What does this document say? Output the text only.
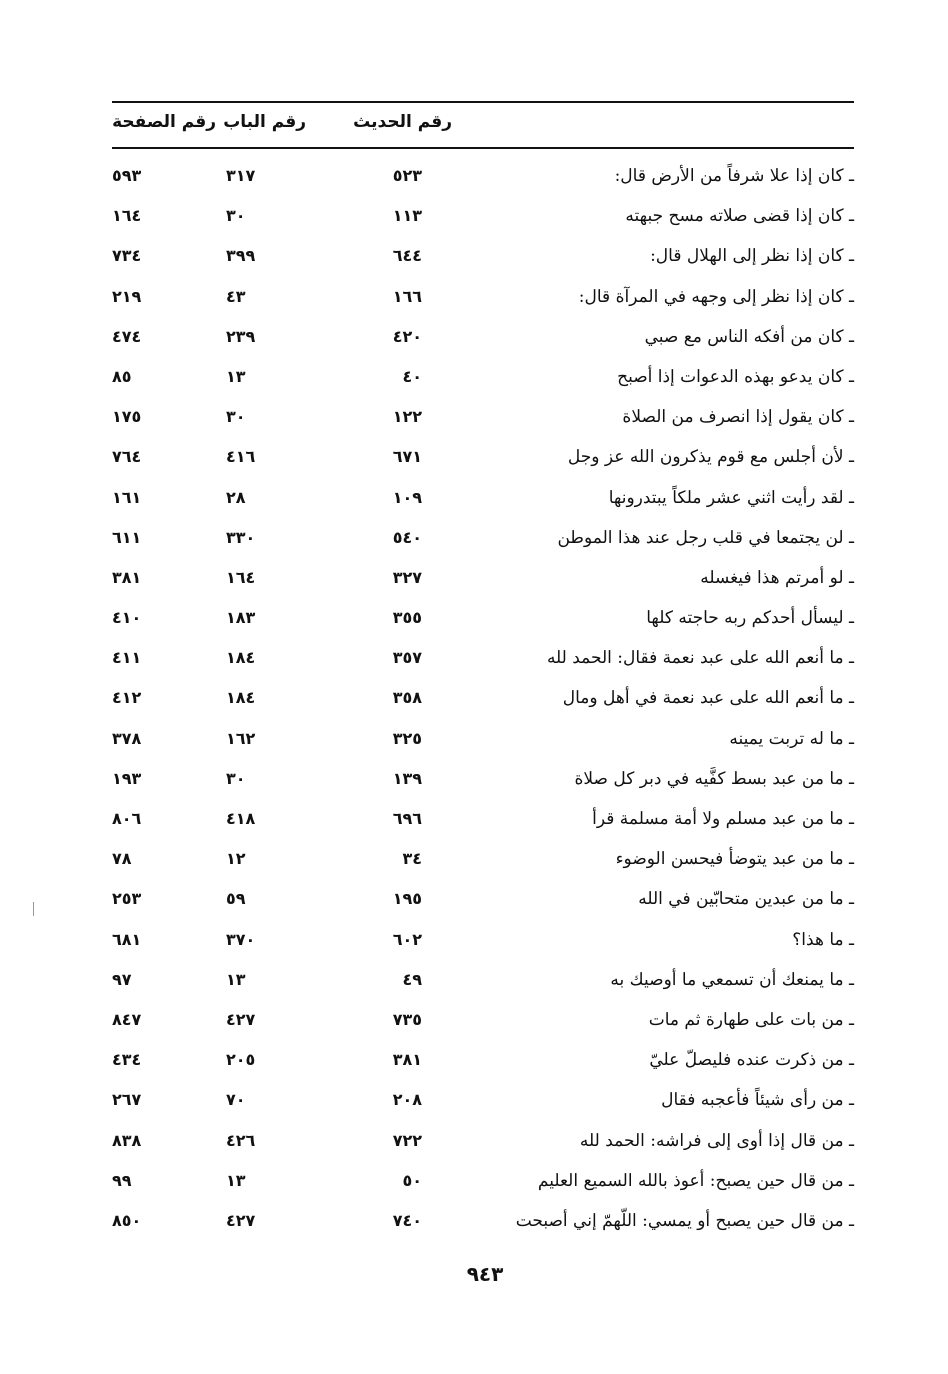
رقم الحديث
رقم الباب
رقم الصفحة
ـ كان إذا علا شرفاً من الأرض قال:
٥٢٣
٣١٧
٥٩٣
ـ كان إذا قضى صلاته مسح جبهته
١١٣
٣٠
١٦٤
ـ كان إذا نظر إلى الهلال قال:
٦٤٤
٣٩٩
٧٣٤
ـ كان إذا نظر إلى وجهه في المرآة قال:
١٦٦
٤٣
٢١٩
ـ كان من أفكه الناس مع صبي
٤٢٠
٢٣٩
٤٧٤
ـ كان يدعو بهذه الدعوات إذا أصبح
٤٠
١٣
٨٥
ـ كان يقول إذا انصرف من الصلاة
١٢٢
٣٠
١٧٥
ـ لأن أجلس مع قوم يذكرون الله عز وجل
٦٧١
٤١٦
٧٦٤
ـ لقد رأيت اثني عشر ملكاً يبتدرونها
١٠٩
٢٨
١٦١
ـ لن يجتمعا في قلب رجل عند هذا الموطن
٥٤٠
٣٣٠
٦١١
ـ لو أمرتم هذا فيغسله
٣٢٧
١٦٤
٣٨١
ـ ليسأل أحدكم ربه حاجته كلها
٣٥٥
١٨٣
٤١٠
ـ ما أنعم الله على عبد نعمة فقال: الحمد لله
٣٥٧
١٨٤
٤١١
ـ ما أنعم الله على عبد نعمة في أهل ومال
٣٥٨
١٨٤
٤١٢
ـ ما له تربت يمينه
٣٢٥
١٦٢
٣٧٨
ـ ما من عبد بسط كفَّيه في دبر كل صلاة
١٣٩
٣٠
١٩٣
ـ ما من عبد مسلم ولا أمة مسلمة قرأ
٦٩٦
٤١٨
٨٠٦
ـ ما من عبد يتوضأ فيحسن الوضوء
٣٤
١٢
٧٨
ـ ما من عبدين متحابّين في الله
١٩٥
٥٩
٢٥٣
ـ ما هذا؟
٦٠٢
٣٧٠
٦٨١
ـ ما يمنعك أن تسمعي ما أوصيك به
٤٩
١٣
٩٧
ـ من بات على طهارة ثم مات
٧٣٥
٤٢٧
٨٤٧
ـ من ذكرت عنده فليصلّ عليّ
٣٨١
٢٠٥
٤٣٤
ـ من رأى شيئاً فأعجبه فقال
٢٠٨
٧٠
٢٦٧
ـ من قال إذا أوى إلى فراشه: الحمد لله
٧٢٢
٤٢٦
٨٣٨
ـ من قال حين يصبح: أعوذ بالله السميع العليم
٥٠
١٣
٩٩
ـ من قال حين يصبح أو يمسي: اللّهمّ إني أصبحت
٧٤٠
٤٢٧
٨٥٠
٩٤٣
